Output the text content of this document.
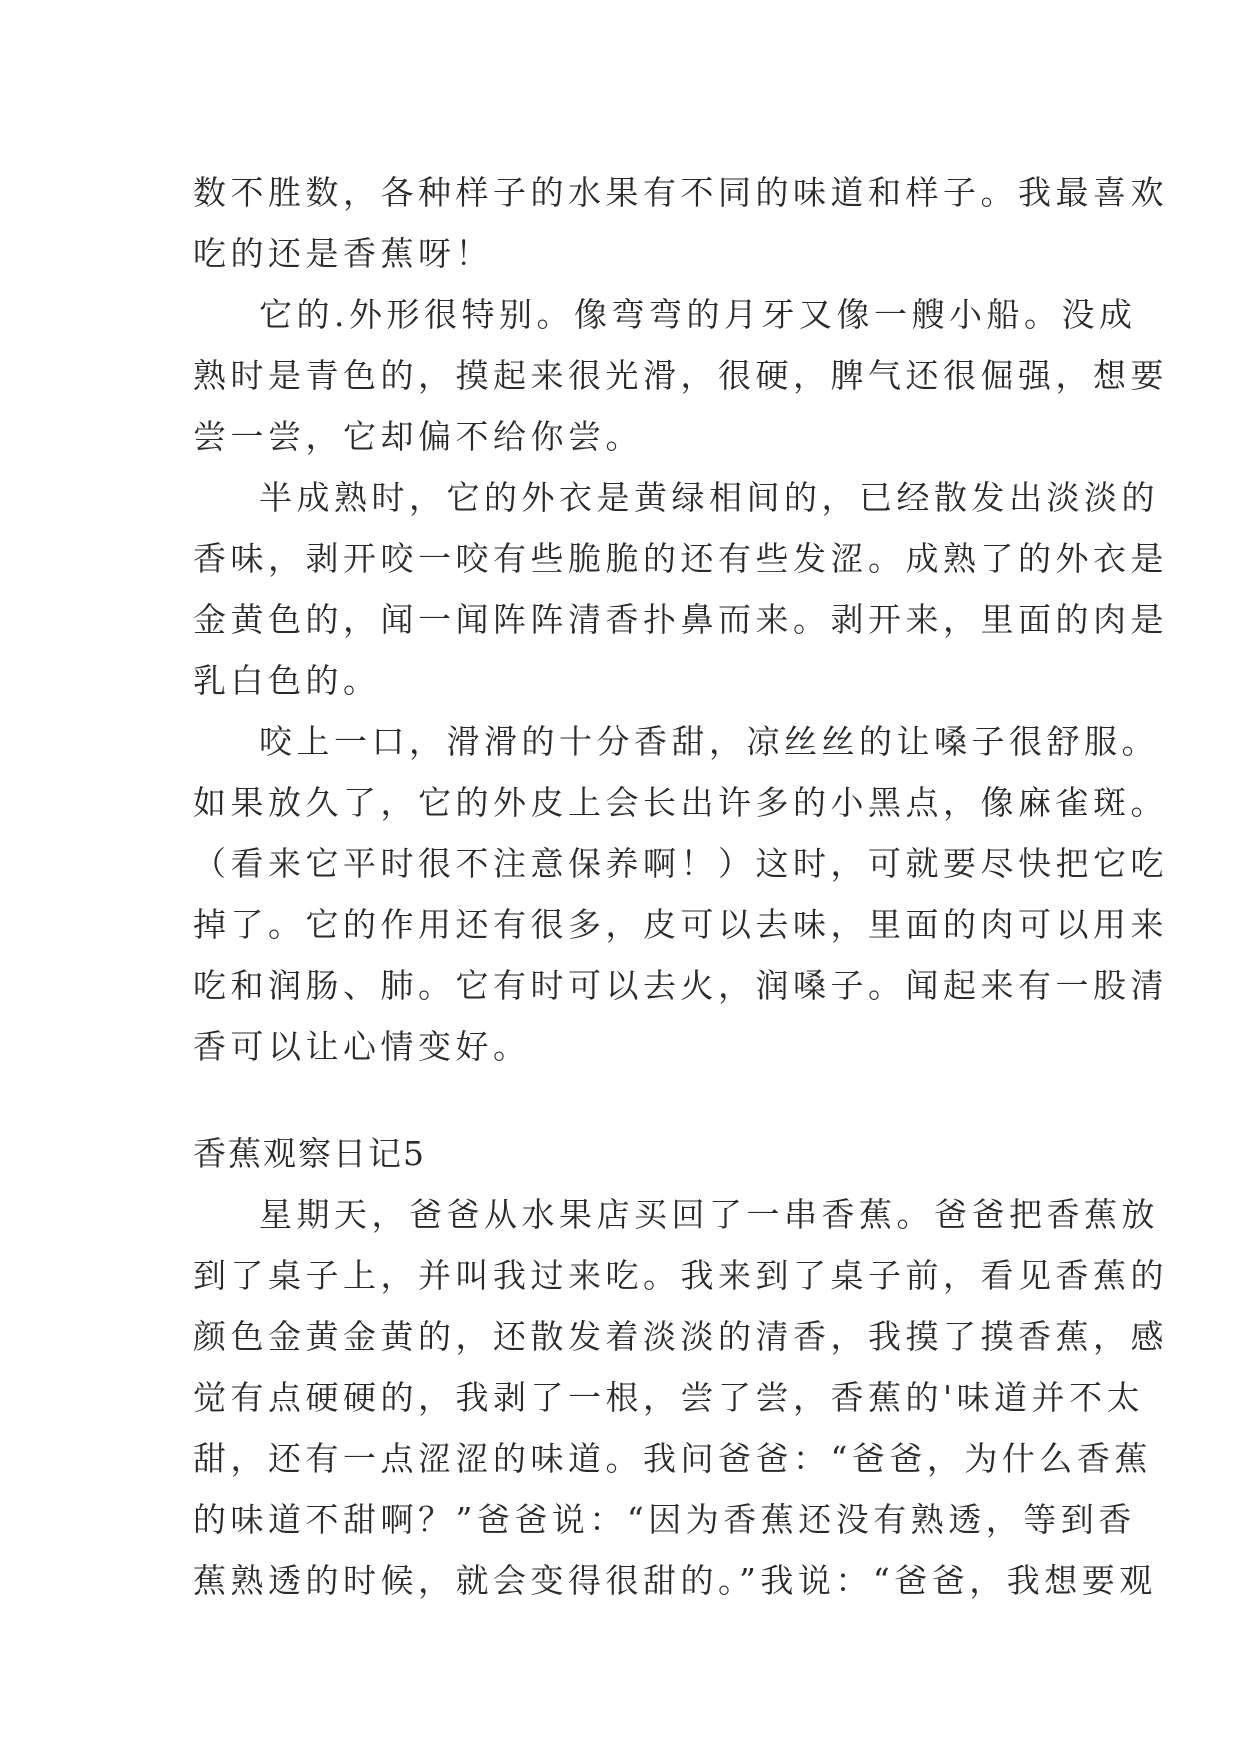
数不胜数，各种样子的水果有不同的味道和样子。我最喜欢
吃的还是香蕉呀！
它的.外形很特别。像弯弯的月牙又像一艘小船。没成
熟时是青色的，摸起来很光滑，很硬，脾气还很倔强，想要
尝一尝，它却偏不给你尝。
半成熟时，它的外衣是黄绿相间的，已经散发出淡淡的
香味，剥开咬一咬有些脆脆的还有些发涩。成熟了的外衣是
金黄色的，闻一闻阵阵清香扑鼻而来。剥开来，里面的肉是
乳白色的。
咬上一口，滑滑的十分香甜，凉丝丝的让嗓子很舒服。
如果放久了，它的外皮上会长出许多的小黑点，像麻雀斑。
（看来它平时很不注意保养啊！）这时，可就要尽快把它吃
掉了。它的作用还有很多，皮可以去味，里面的肉可以用来
吃和润肠、肺。它有时可以去火，润嗓子。闻起来有一股清
香可以让心情变好。
香蕉观察日记5
星期天，爸爸从水果店买回了一串香蕉。爸爸把香蕉放
到了桌子上，并叫我过来吃。我来到了桌子前，看见香蕉的
颜色金黄金黄的，还散发着淡淡的清香，我摸了摸香蕉，感
觉有点硬硬的，我剥了一根，尝了尝，香蕉的'味道并不太
甜，还有一点涩涩的味道。我问爸爸：“爸爸，为什么香蕉
的味道不甜啊？”爸爸说：“因为香蕉还没有熟透，等到香
蕉熟透的时候，就会变得很甜的。”我说：“爸爸，我想要观
